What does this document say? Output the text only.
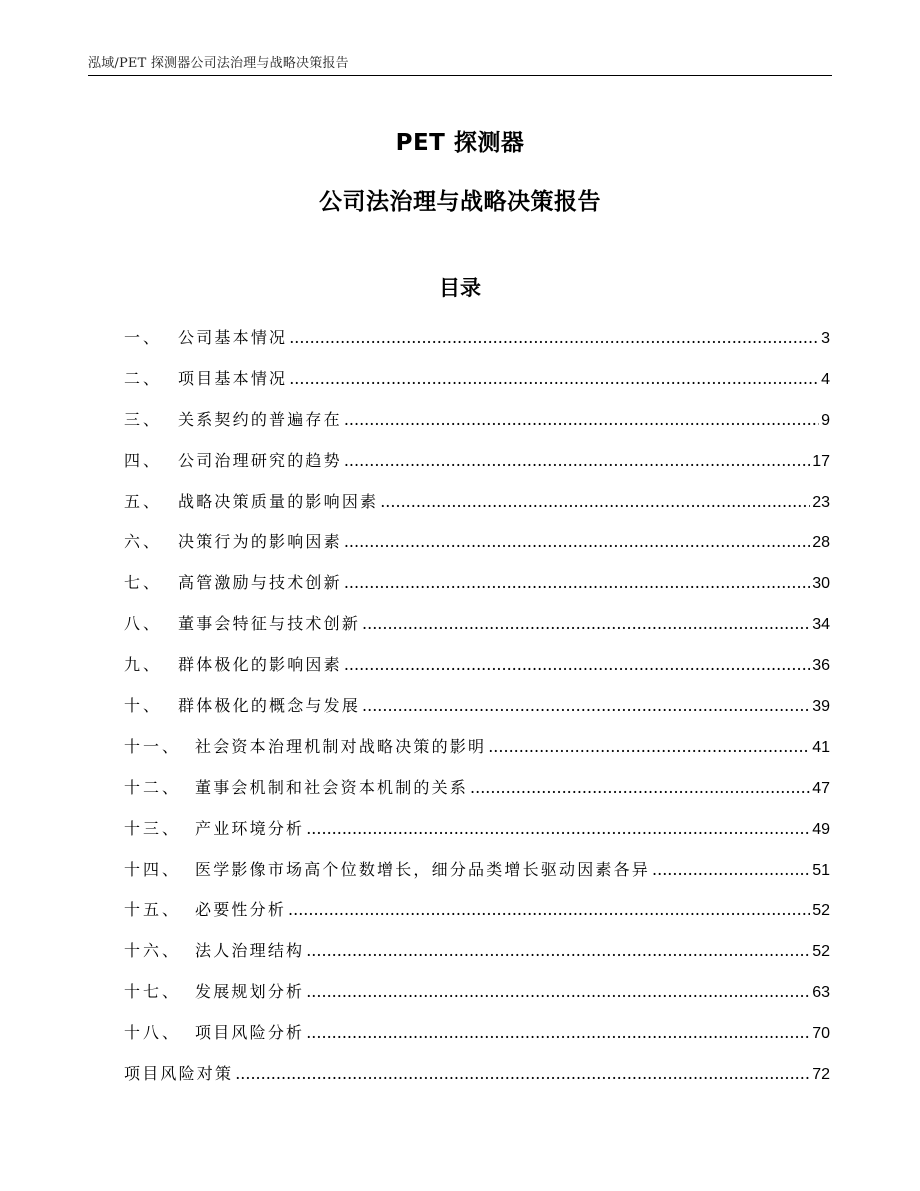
泓域/PET 探测器公司法治理与战略决策报告
PET 探测器
公司法治理与战略决策报告
目录
一、 公司基本情况 .....	3
二、 项目基本情况 .....	4
三、 关系契约的普遍存在 .....	9
四、 公司治理研究的趋势 .....	17
五、 战略决策质量的影响因素 .....	23
六、 决策行为的影响因素 .....	28
七、 高管激励与技术创新 .....	30
八、 董事会特征与技术创新 .....	34
九、 群体极化的影响因素 .....	36
十、 群体极化的概念与发展 .....	39
十一、 社会资本治理机制对战略决策的影明 .....	41
十二、 董事会机制和社会资本机制的关系 .....	47
十三、 产业环境分析 .....	49
十四、 医学影像市场高个位数增长，细分品类增长驱动因素各异 .....	51
十五、 必要性分析 .....	52
十六、 法人治理结构 .....	52
十七、 发展规划分析 .....	63
十八、 项目风险分析 .....	70
项目风险对策 .....	72
